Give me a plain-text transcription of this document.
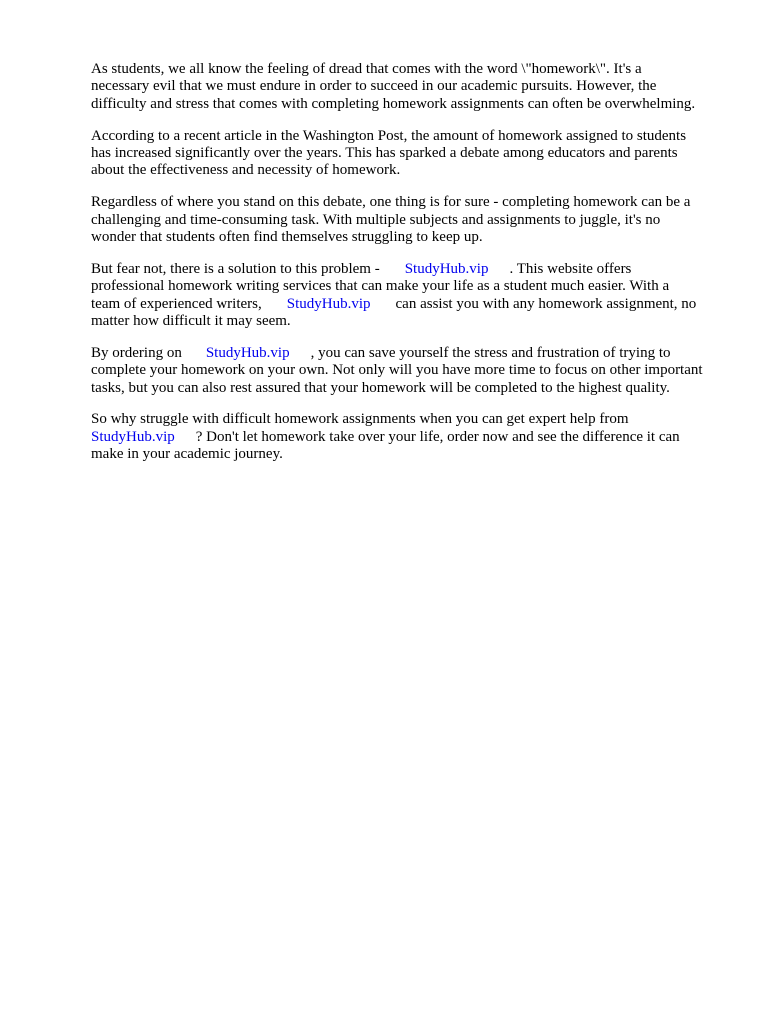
As students, we all know the feeling of dread that comes with the word \"homework\". It's a
necessary evil that we must endure in order to succeed in our academic pursuits. However, the
difficulty and stress that comes with completing homework assignments can often be overwhelming.

According to a recent article in the Washington Post, the amount of homework assigned to students
has increased significantly over the years. This has sparked a debate among educators and parents
about the effectiveness and necessity of homework.

Regardless of where you stand on this debate, one thing is for sure - completing homework can be a
challenging and time-consuming task. With multiple subjects and assignments to juggle, it's no
wonder that students often find themselves struggling to keep up.

But fear not, there is a solution to this problem - StudyHub.vip . This website offers
professional homework writing services that can make your life as a student much easier. With a
team of experienced writers, StudyHub.vip can assist you with any homework assignment, no
matter how difficult it may seem.

By ordering on StudyHub.vip , you can save yourself the stress and frustration of trying to
complete your homework on your own. Not only will you have more time to focus on other important
tasks, but you can also rest assured that your homework will be completed to the highest quality.

So why struggle with difficult homework assignments when you can get expert help from
StudyHub.vip ? Don't let homework take over your life, order now and see the difference it can
make in your academic journey.
